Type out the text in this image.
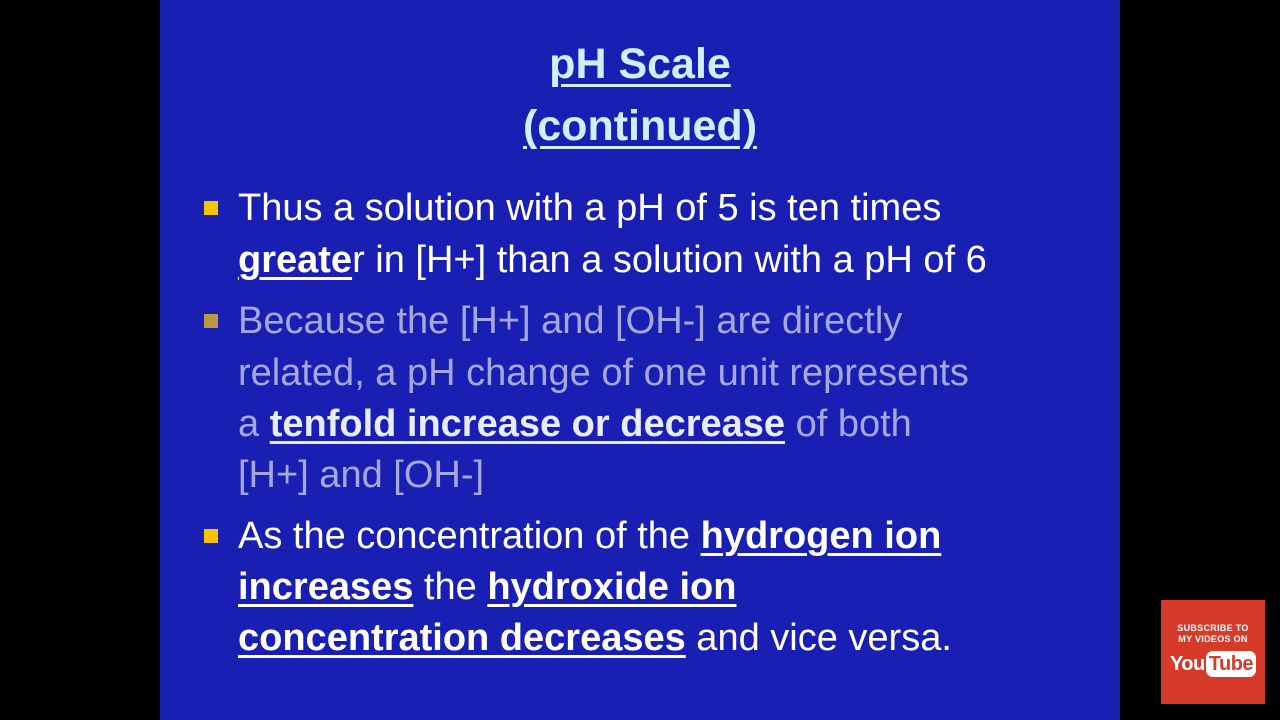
pH Scale
(continued)
Thus a solution with a pH of 5 is ten times
greater in [H+] than a solution with a pH of 6
Because the [H+] and [OH-] are directly
related, a pH change of one unit represents
a tenfold increase or decrease of both
[H+] and [OH-]
As the concentration of the hydrogen ion
increases the hydroxide ion
concentration decreases and vice versa.	SUBSCRIBE TO
MY VIDEOS ON
You Tube
